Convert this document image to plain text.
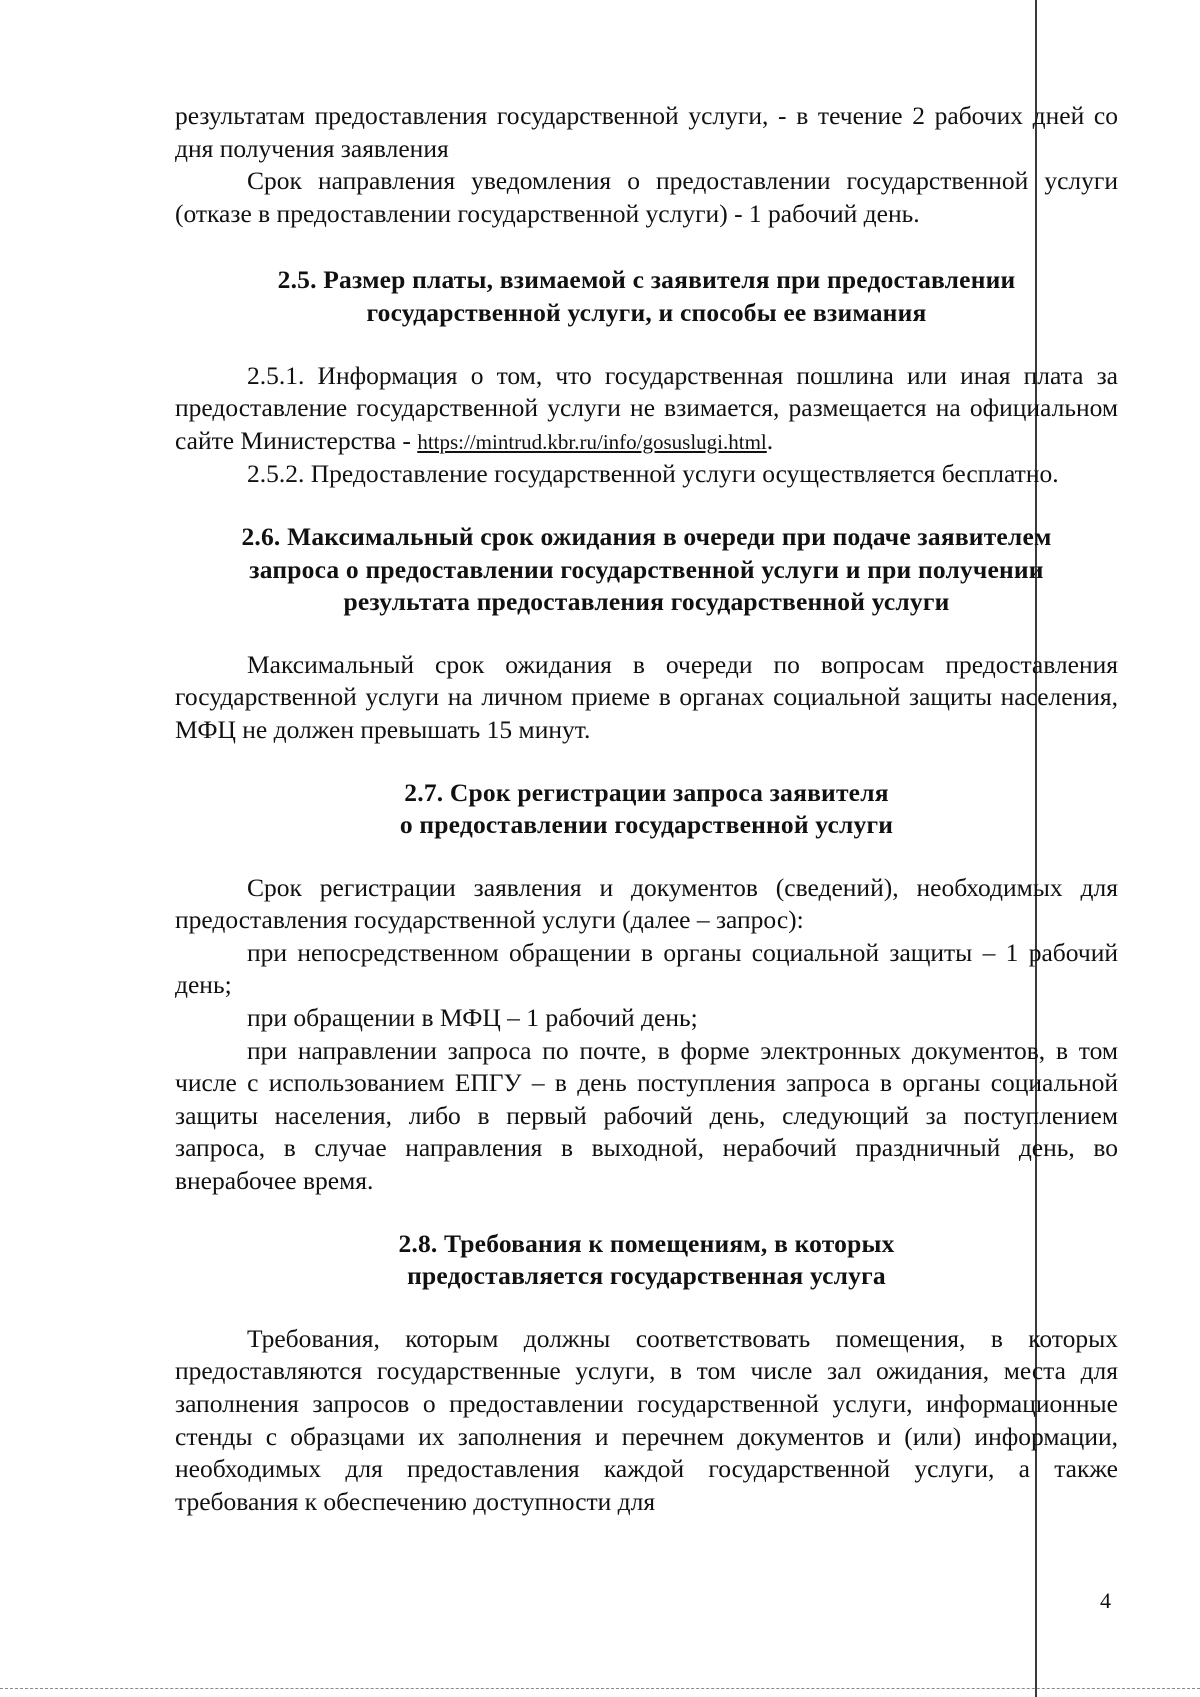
результатам предоставления государственной услуги, - в течение 2 рабочих дней со дня получения заявления

Срок направления уведомления о предоставлении государственной услуги (отказе в предоставлении государственной услуги) - 1 рабочий день.

2.5. Размер платы, взимаемой с заявителя при предоставлении
государственной услуги, и способы ее взимания

2.5.1. Информация о том, что государственная пошлина или иная плата за предоставление государственной услуги не взимается, размещается на официальном сайте Министерства - https://mintrud.kbr.ru/info/gosuslugi.html.

2.5.2. Предоставление государственной услуги осуществляется бесплатно.

2.6. Максимальный срок ожидания в очереди при подаче заявителем
запроса о предоставлении государственной услуги и при получении
результата предоставления государственной услуги

Максимальный срок ожидания в очереди по вопросам предоставления государственной услуги на личном приеме в органах социальной защиты населения, МФЦ не должен превышать 15 минут.

2.7. Срок регистрации запроса заявителя
о предоставлении государственной услуги

Срок регистрации заявления и документов (сведений), необходимых для предоставления государственной услуги (далее – запрос):

при непосредственном обращении в органы социальной защиты – 1 рабочий день;

при обращении в МФЦ – 1 рабочий день;

при направлении запроса по почте, в форме электронных документов, в том числе с использованием ЕПГУ – в день поступления запроса в органы социальной защиты населения, либо в первый рабочий день, следующий за поступлением запроса, в случае направления в выходной, нерабочий праздничный день, во внерабочее время.

2.8. Требования к помещениям, в которых
предоставляется государственная услуга

Требования, которым должны соответствовать помещения, в которых предоставляются государственные услуги, в том числе зал ожидания, места для заполнения запросов о предоставлении государственной услуги, информационные стенды с образцами их заполнения и перечнем документов и (или) информации, необходимых для предоставления каждой государственной услуги, а также требования к обеспечению доступности для

4
